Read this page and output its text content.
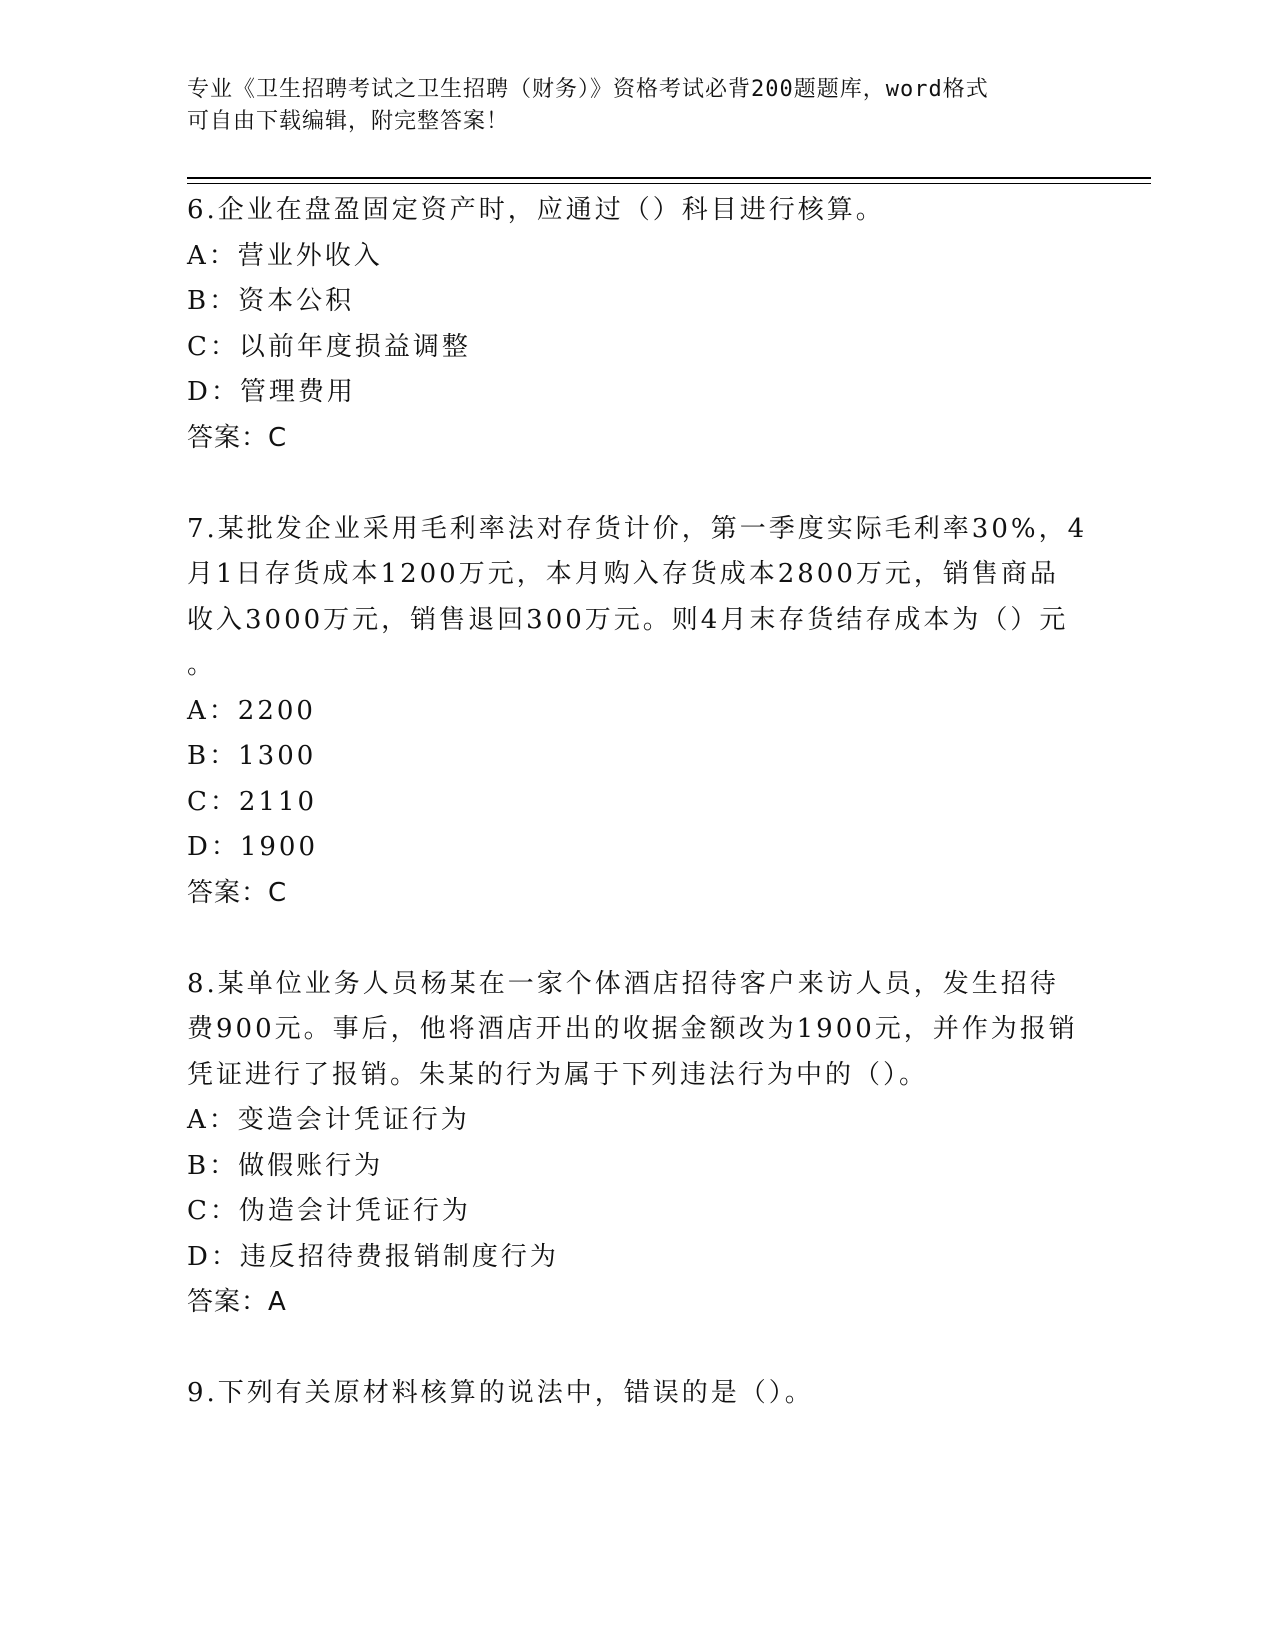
专业《卫生招聘考试之卫生招聘（财务）》资格考试必背200题题库，word格式
可自由下载编辑，附完整答案！
6.企业在盘盈固定资产时，应通过（）科目进行核算。
A：营业外收入
B：资本公积
C：以前年度损益调整
D：管理费用
答案：C
7.某批发企业采用毛利率法对存货计价，第一季度实际毛利率30%，4
月1日存货成本1200万元，本月购入存货成本2800万元，销售商品
收入3000万元，销售退回300万元。则4月末存货结存成本为（）元
。
A：2200
B：1300
C：2110
D：1900
答案：C
8.某单位业务人员杨某在一家个体酒店招待客户来访人员，发生招待
费900元。事后，他将酒店开出的收据金额改为1900元，并作为报销
凭证进行了报销。朱某的行为属于下列违法行为中的（）。
A：变造会计凭证行为
B：做假账行为
C：伪造会计凭证行为
D：违反招待费报销制度行为
答案：A
9.下列有关原材料核算的说法中，错误的是（）。
